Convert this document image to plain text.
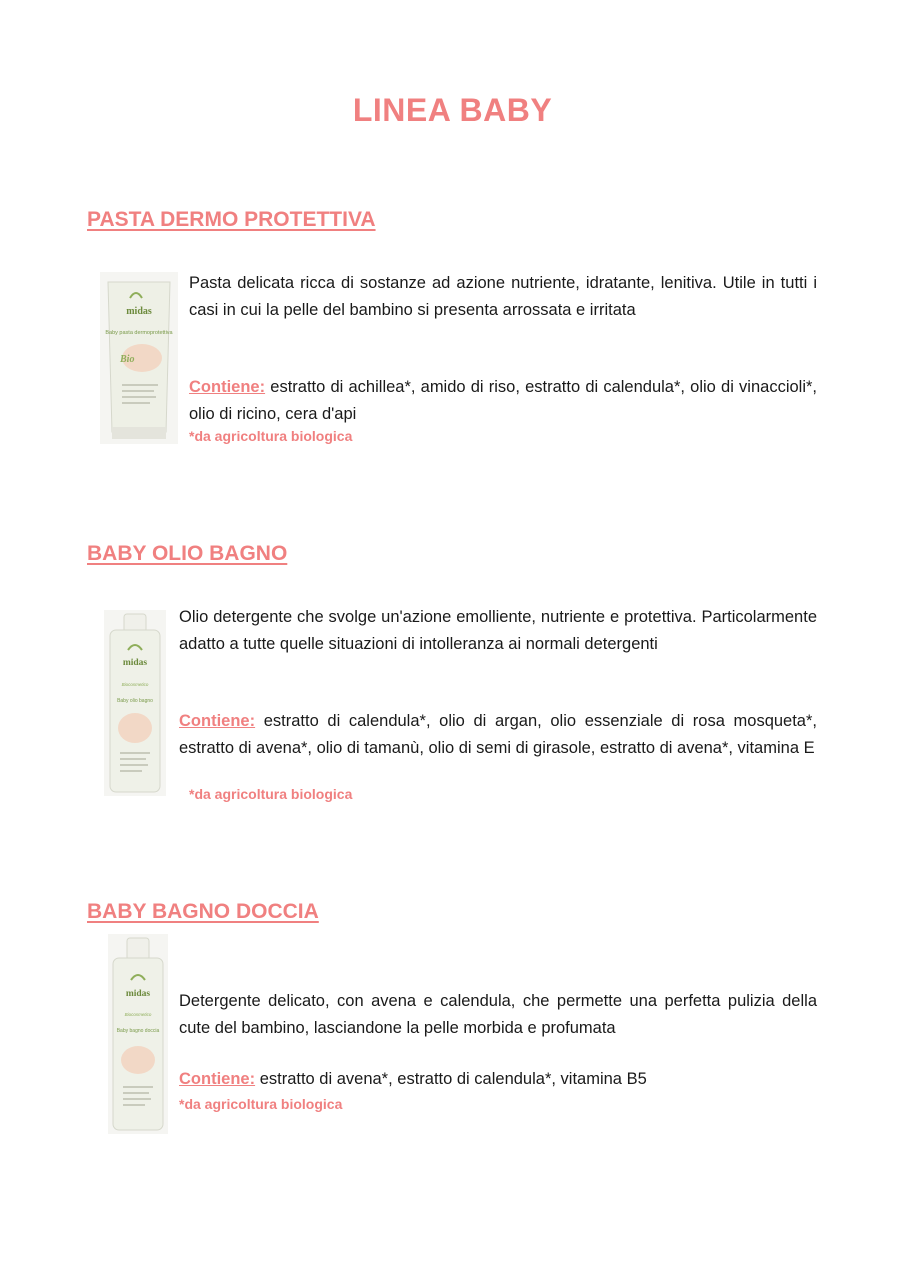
LINEA BABY
PASTA DERMO PROTETTIVA
midas
Baby pasta dermoprotettiva
Bio
Pasta delicata ricca di sostanze ad azione nutriente, idratante, lenitiva. Utile in tutti i casi in cui la pelle del bambino si presenta arrossata e irritata
Contiene: estratto di achillea*, amido di riso, estratto di calendula*, olio di vinaccioli*, olio di ricino, cera d'api
*da agricoltura biologica
BABY OLIO BAGNO
midas
Biocosmetico
Baby olio bagno
Olio detergente che svolge un'azione emolliente, nutriente e protettiva. Particolarmente adatto a tutte quelle situazioni di intolleranza ai normali detergenti
Contiene: estratto di calendula*, olio di argan, olio essenziale di rosa mosqueta*, estratto di avena*, olio di tamanù, olio di semi di girasole, estratto di avena*, vitamina E
*da agricoltura biologica
BABY BAGNO DOCCIA
midas
Biocosmetico
Baby bagno doccia
Detergente delicato, con avena e calendula, che permette una perfetta pulizia della cute del bambino, lasciandone la pelle morbida e profumata
Contiene: estratto di avena*, estratto di calendula*, vitamina B5
*da agricoltura biologica
